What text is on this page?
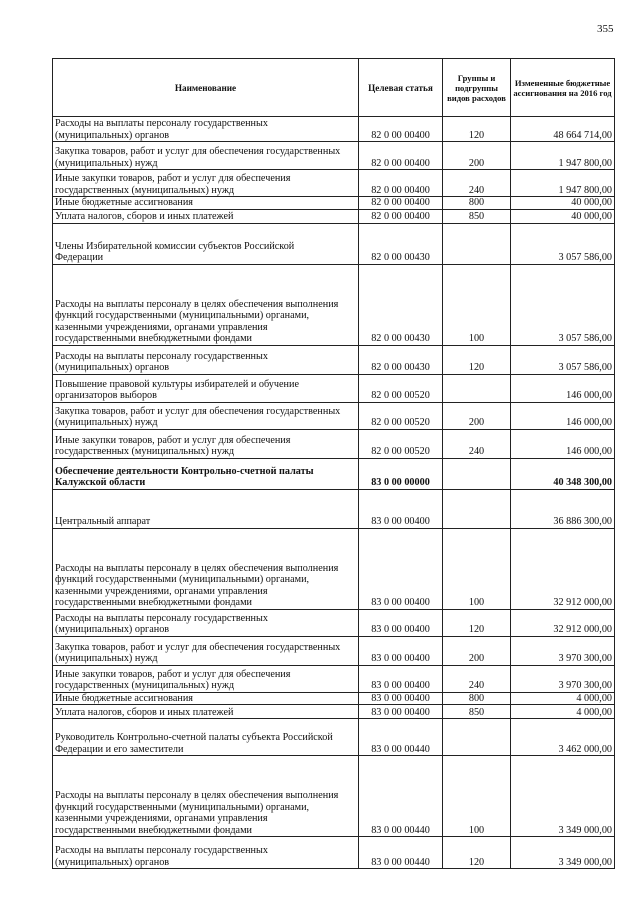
355
Наименование	Целевая статья	Группы и подгруппы видов расходов	Измененные бюджетные ассигнования на 2016 год
Расходы на выплаты персоналу государственных
(муниципальных) органов	82 0 00 00400	120	48 664 714,00
Закупка товаров, работ и услуг для обеспечения государственных
(муниципальных) нужд	82 0 00 00400	200	1 947 800,00
Иные закупки товаров, работ и услуг для обеспечения
государственных (муниципальных) нужд	82 0 00 00400	240	1 947 800,00
Иные бюджетные ассигнования	82 0 00 00400	800	40 000,00
Уплата налогов, сборов и иных платежей	82 0 00 00400	850	40 000,00
Члены Избирательной комиссии субъектов Российской
Федерации	82 0 00 00430		3 057 586,00
Расходы на выплаты персоналу в целях обеспечения выполнения
функций государственными (муниципальными) органами,
казенными учреждениями, органами управления
государственными внебюджетными фондами	82 0 00 00430	100	3 057 586,00
Расходы на выплаты персоналу государственных
(муниципальных) органов	82 0 00 00430	120	3 057 586,00
Повышение правовой культуры избирателей и обучение
организаторов выборов	82 0 00 00520		146 000,00
Закупка товаров, работ и услуг для обеспечения государственных
(муниципальных) нужд	82 0 00 00520	200	146 000,00
Иные закупки товаров, работ и услуг для обеспечения
государственных (муниципальных) нужд	82 0 00 00520	240	146 000,00
Обеспечение деятельности Контрольно-счетной палаты
Калужской области	83 0 00 00000		40 348 300,00
Центральный аппарат	83 0 00 00400		36 886 300,00
Расходы на выплаты персоналу в целях обеспечения выполнения
функций государственными (муниципальными) органами,
казенными учреждениями, органами управления
государственными внебюджетными фондами	83 0 00 00400	100	32 912 000,00
Расходы на выплаты персоналу государственных
(муниципальных) органов	83 0 00 00400	120	32 912 000,00
Закупка товаров, работ и услуг для обеспечения государственных
(муниципальных) нужд	83 0 00 00400	200	3 970 300,00
Иные закупки товаров, работ и услуг для обеспечения
государственных (муниципальных) нужд	83 0 00 00400	240	3 970 300,00
Иные бюджетные ассигнования	83 0 00 00400	800	4 000,00
Уплата налогов, сборов и иных платежей	83 0 00 00400	850	4 000,00
Руководитель Контрольно-счетной палаты субъекта Российской
Федерации и его заместители	83 0 00 00440		3 462 000,00
Расходы на выплаты персоналу в целях обеспечения выполнения
функций государственными (муниципальными) органами,
казенными учреждениями, органами управления
государственными внебюджетными фондами	83 0 00 00440	100	3 349 000,00
Расходы на выплаты персоналу государственных
(муниципальных) органов	83 0 00 00440	120	3 349 000,00
